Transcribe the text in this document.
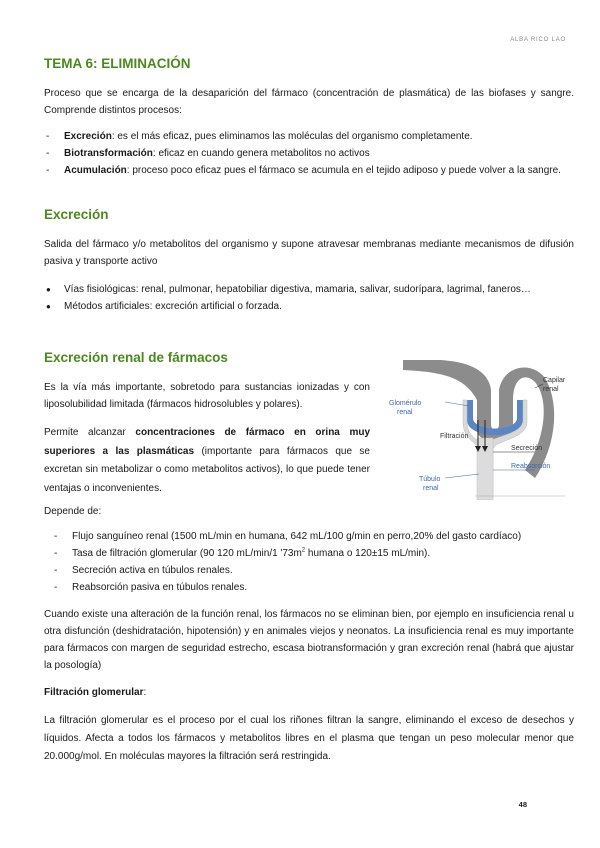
ALBA RICO LAO
TEMA 6: ELIMINACIÓN
Proceso que se encarga de la desaparición del fármaco (concentración de plasmática) de las biofases y sangre. Comprende distintos procesos:
- Excreción: es el más eficaz, pues eliminamos las moléculas del organismo completamente.
- Biotransformación: eficaz en cuando genera metabolitos no activos
- Acumulación: proceso poco eficaz pues el fármaco se acumula en el tejido adiposo y puede volver a la sangre.
Excreción
Salida del fármaco y/o metabolitos del organismo y supone atravesar membranas mediante mecanismos de difusión pasiva y transporte activo
● Vías fisiológicas: renal, pulmonar, hepatobiliar digestiva, mamaria, salivar, sudorípara, lagrimal, faneros…
● Métodos artificiales: excreción artificial o forzada.
Excreción renal de fármacos
Es la vía más importante, sobretodo para sustancias ionizadas y con liposolubilidad limitada (fármacos hidrosolubles y polares).
Permite alcanzar concentraciones de fármaco en orina muy superiores a las plasmáticas (importante para fármacos que se excretan sin metabolizar o como metabolitos activos), lo que puede tener ventajas o inconvenientes.
Capilar
renal
Glomérulo
renal
Filtración
Secreción
Reabsorción
Túbulo
renal
Depende de:
- Flujo sanguíneo renal (1500 mL/min en humana, 642 mL/100 g/min en perro,20% del gasto cardíaco)
- Tasa de filtración glomerular (90 120 mL/min/1 '$73m^2$ humana o 120±15 mL/min).
- Secreción activa en túbulos renales.
- Reabsorción pasiva en túbulos renales.
Cuando existe una alteración de la función renal, los fármacos no se eliminan bien, por ejemplo en insuficiencia renal u otra disfunción (deshidratación, hipotensión) y en animales viejos y neonatos. La insuficiencia renal es muy importante para fármacos con margen de seguridad estrecho, escasa biotransformación y gran excreción renal (habrá que ajustar la posología)
Filtración glomerular:
La filtración glomerular es el proceso por el cual los riñones filtran la sangre, eliminando el exceso de desechos y líquidos. Afecta a todos los fármacos y metabolitos libres en el plasma que tengan un peso molecular menor que 20.000g/mol. En moléculas mayores la filtración será restringida.
48
